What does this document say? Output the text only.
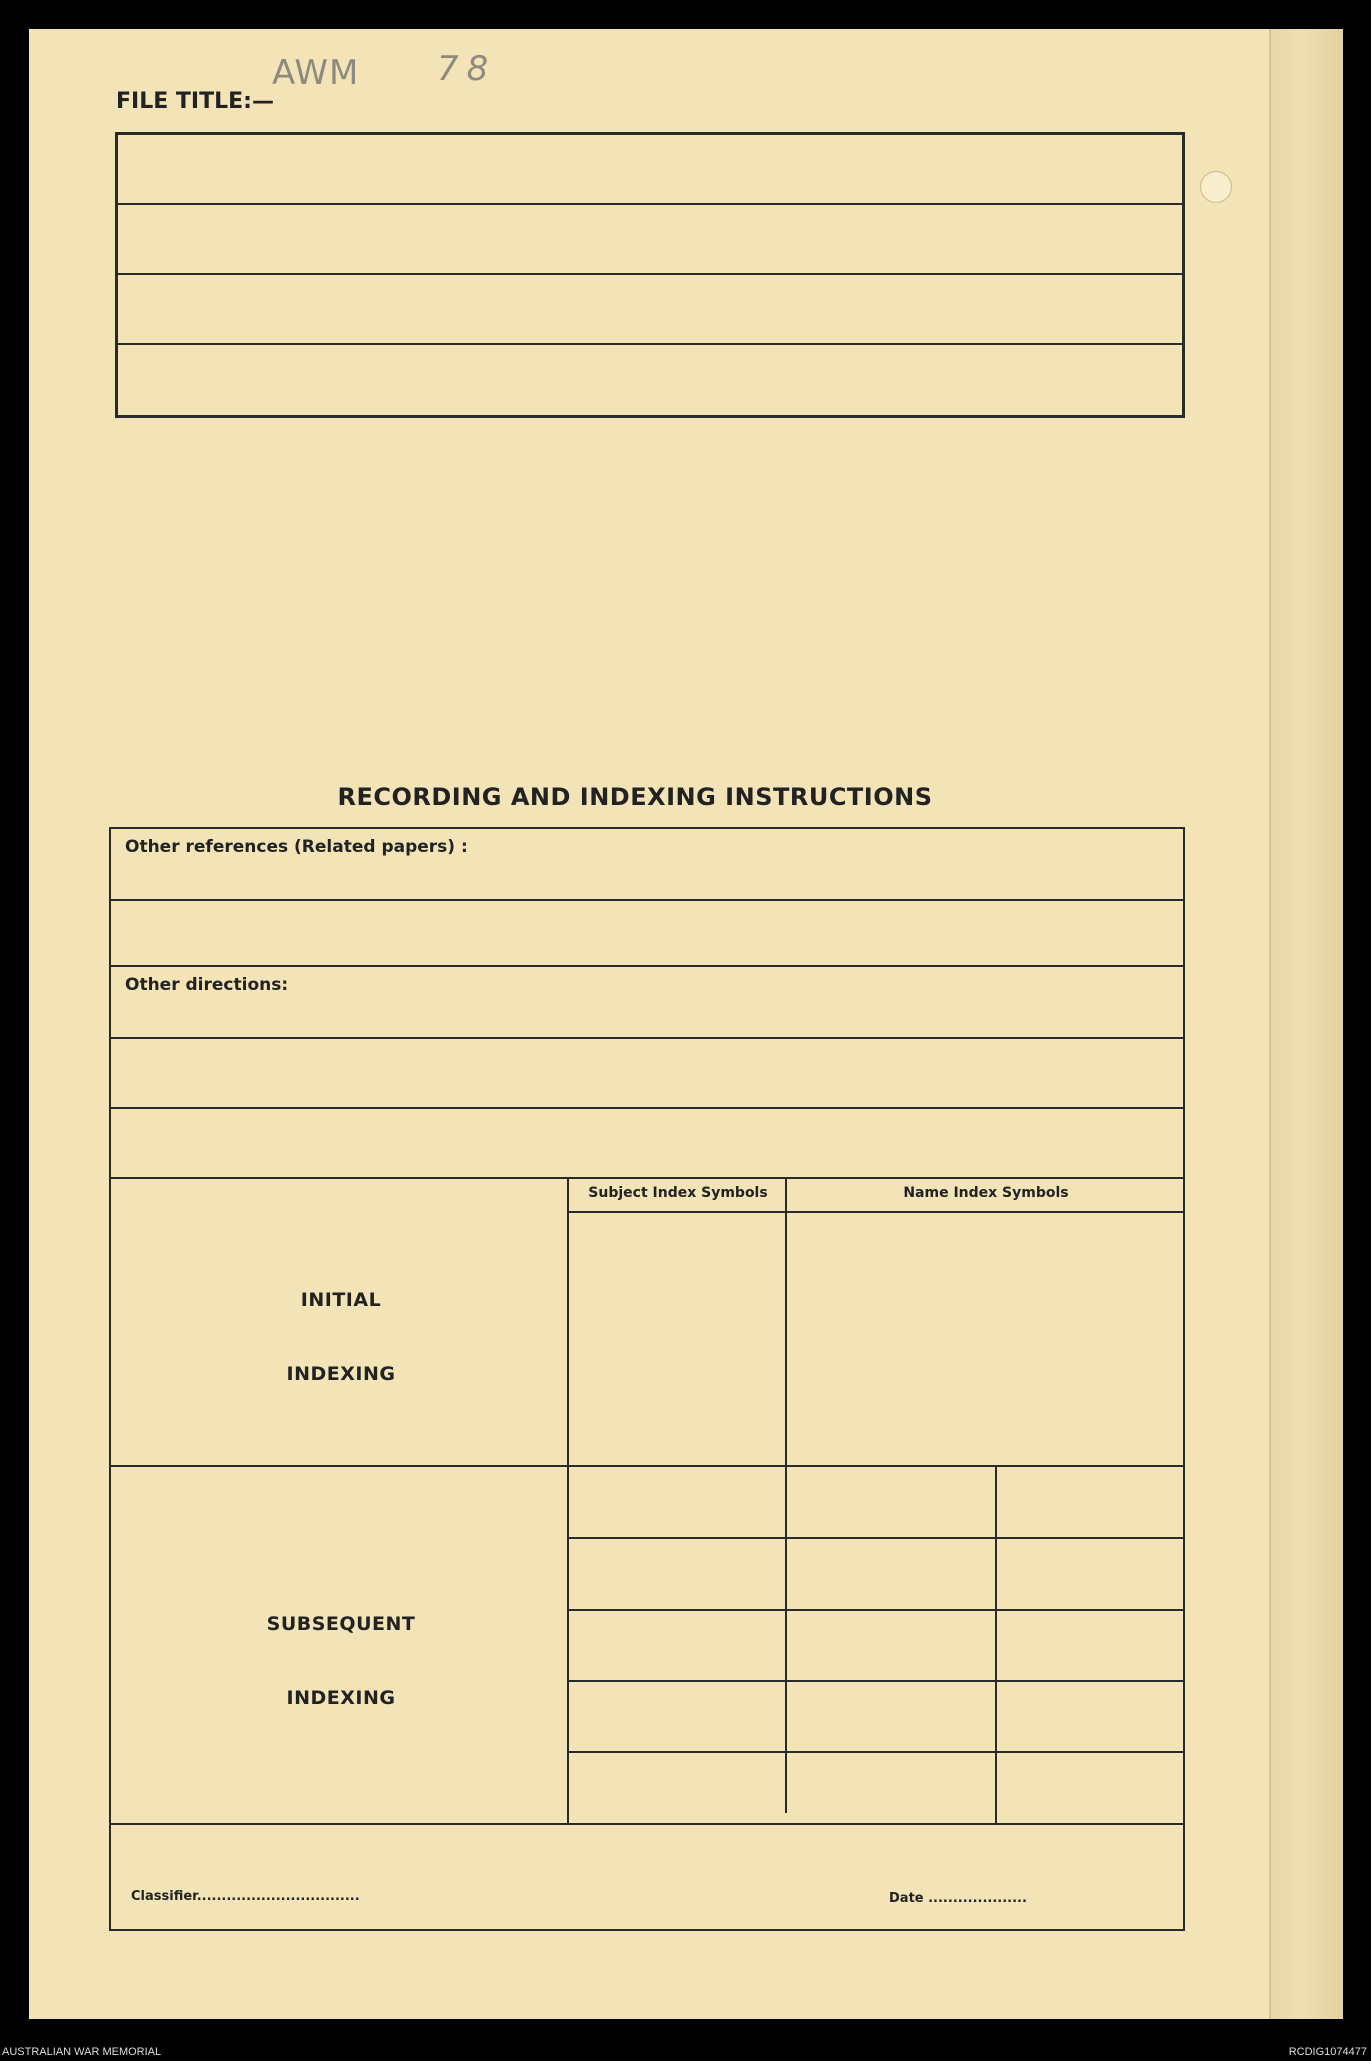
AWM 78
FILE TITLE:—
RECORDING AND INDEXING INSTRUCTIONS
Other references (Related papers) :
Other directions:
Subject Index Symbols	Name Index Symbols
INITIAL
INDEXING
SUBSEQUENT
INDEXING
Classifier.................................	Date ....................
AUSTRALIAN WAR MEMORIAL	RCDIG1074477
